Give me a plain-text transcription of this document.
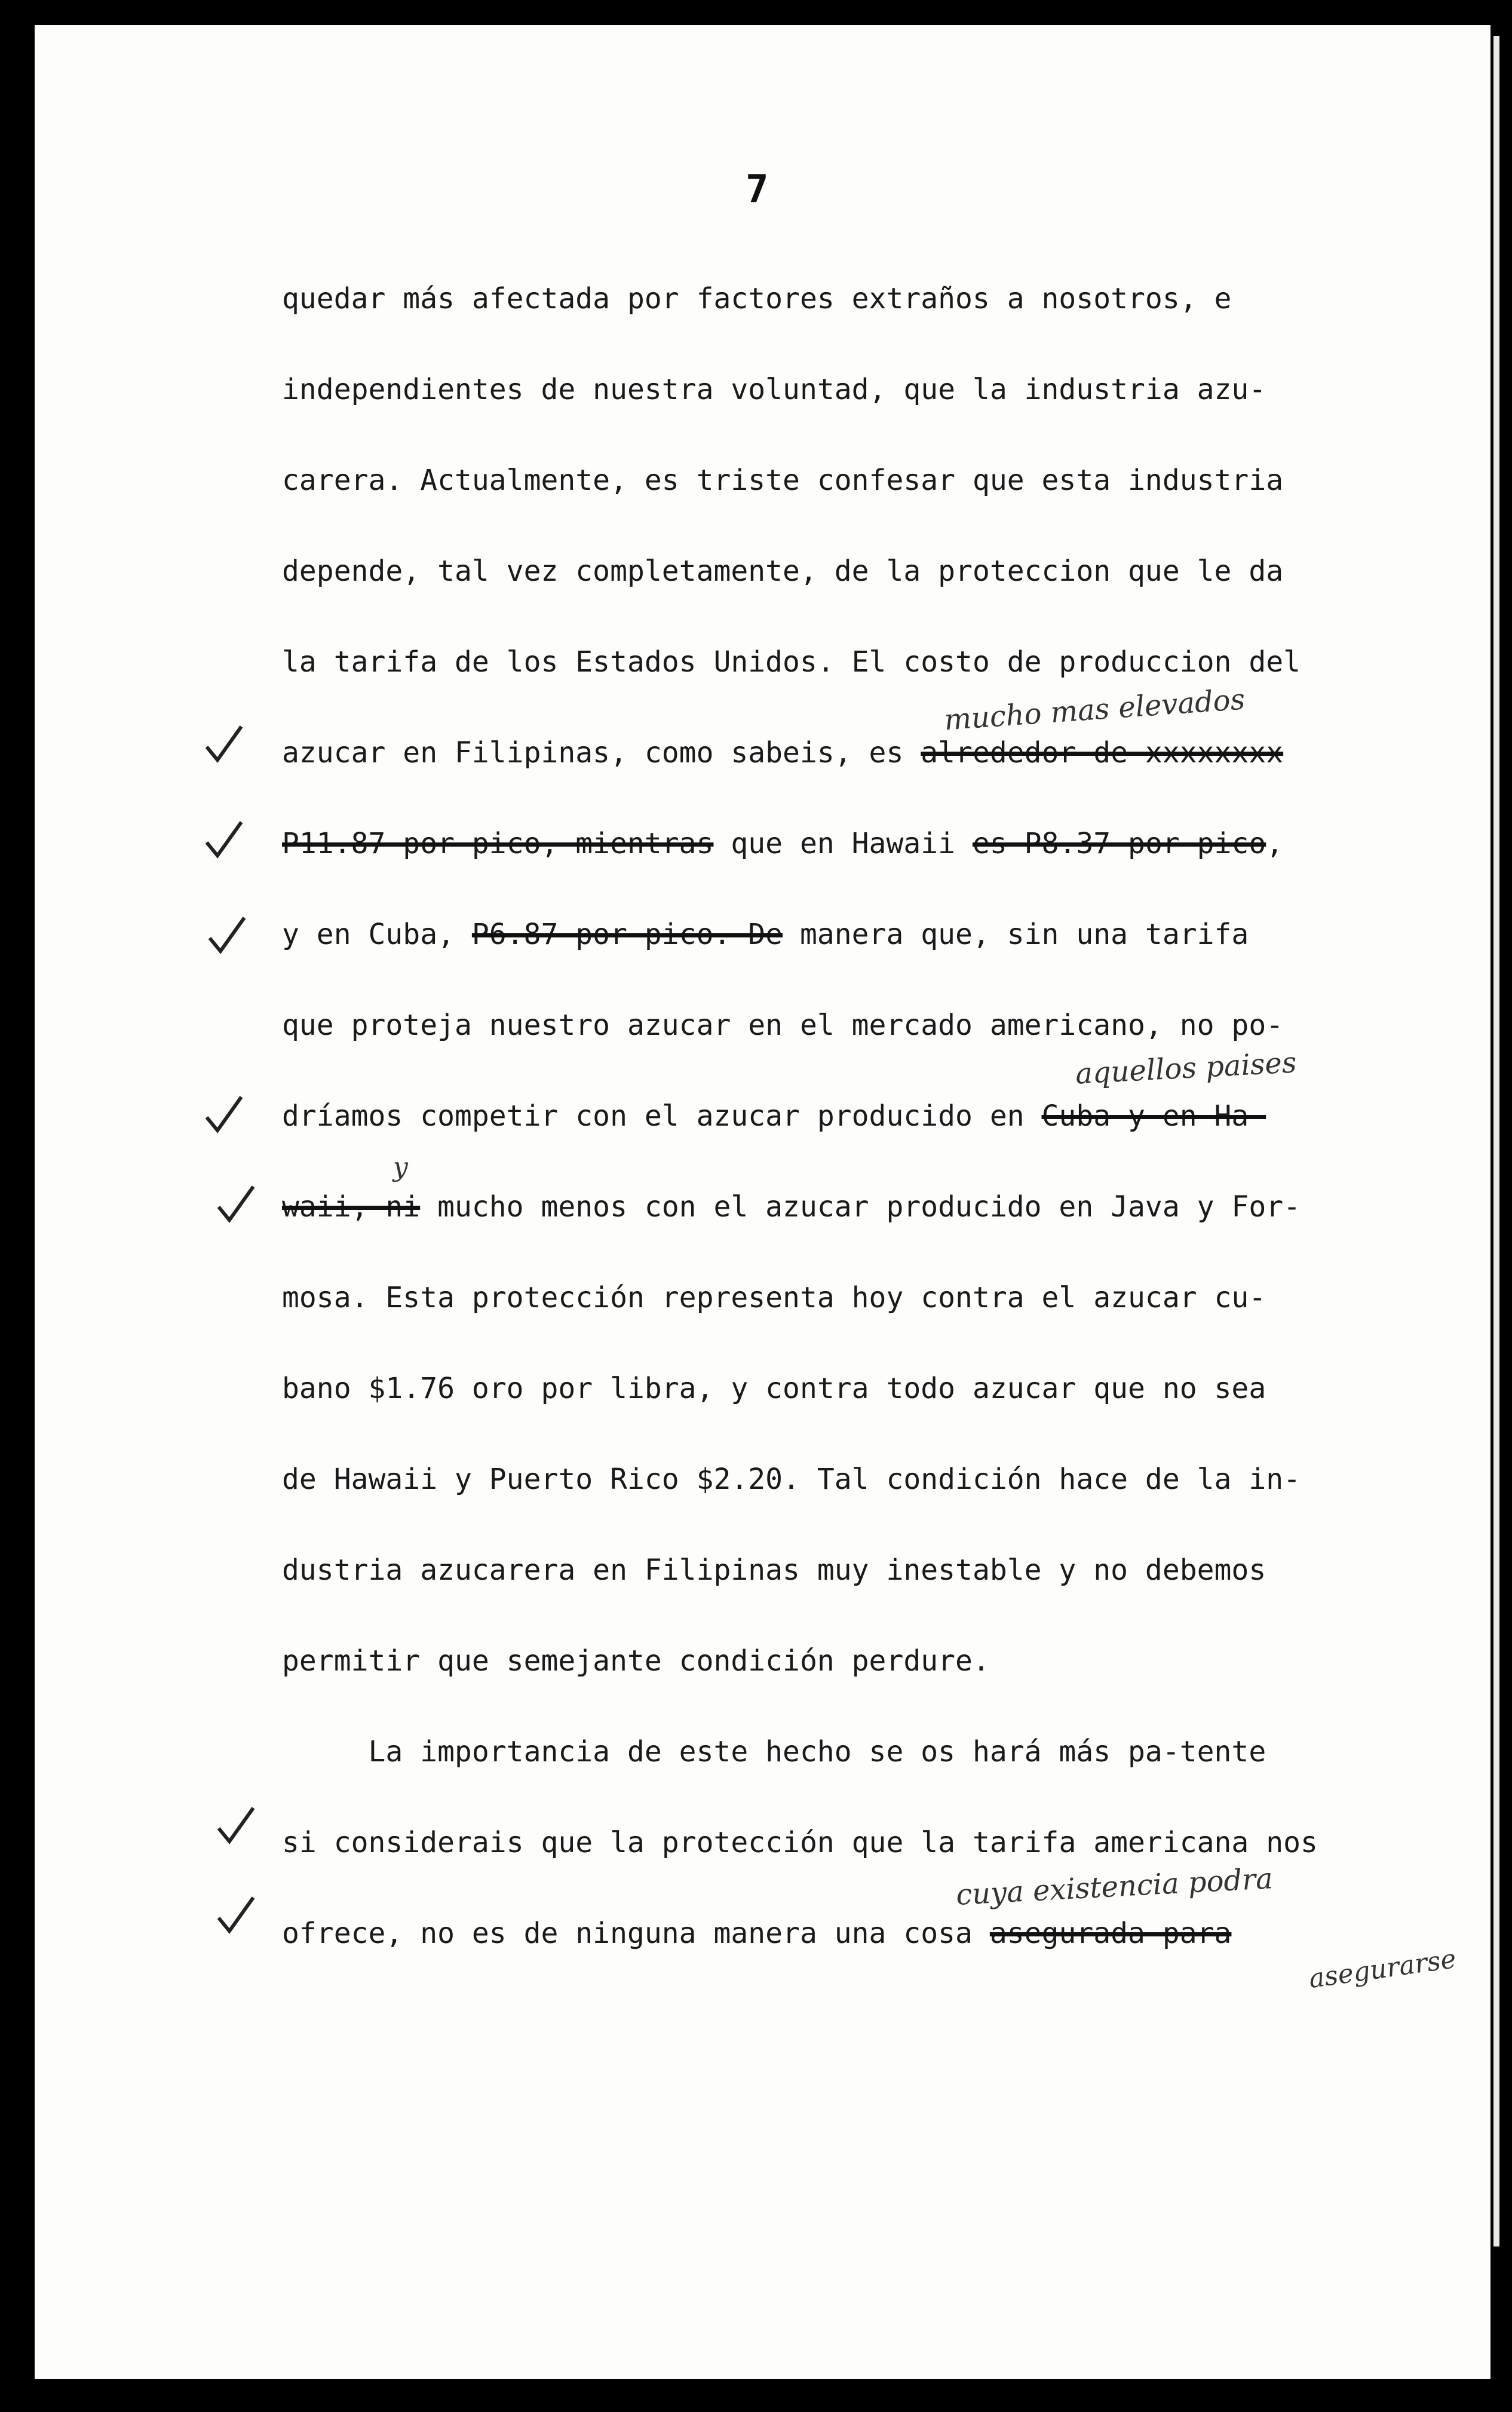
7
quedar más afectada por factores extraños a nosotros, e
independientes de nuestra voluntad, que la industria azu-
carera. Actualmente, es triste confesar que esta industria
depende, tal vez completamente, de la proteccion que le da
la tarifa de los Estados Unidos. El costo de produccion del
azucar en Filipinas, como sabeis, es alrededor de xxxxxxxx
P11.87 por pico, mientras que en Hawaii es P8.37 por pico,
y en Cuba, P6.87 por pico. De manera que, sin una tarifa
que proteja nuestro azucar en el mercado americano, no po-
dríamos competir con el azucar producido en Cuba y en Ha-
waii, ni mucho menos con el azucar producido en Java y For-
mosa. Esta protección representa hoy contra el azucar cu-
bano $1.76 oro por libra, y contra todo azucar que no sea
de Hawaii y Puerto Rico $2.20. Tal condición hace de la in-
dustria azucarera en Filipinas muy inestable y no debemos
permitir que semejante condición perdure.
La importancia de este hecho se os hará más pa-tente
si considerais que la protección que la tarifa americana nos
ofrece, no es de ninguna manera una cosa asegurada para
mucho mas elevados
aquellos paises
y
cuya existencia podra
asegurarse
